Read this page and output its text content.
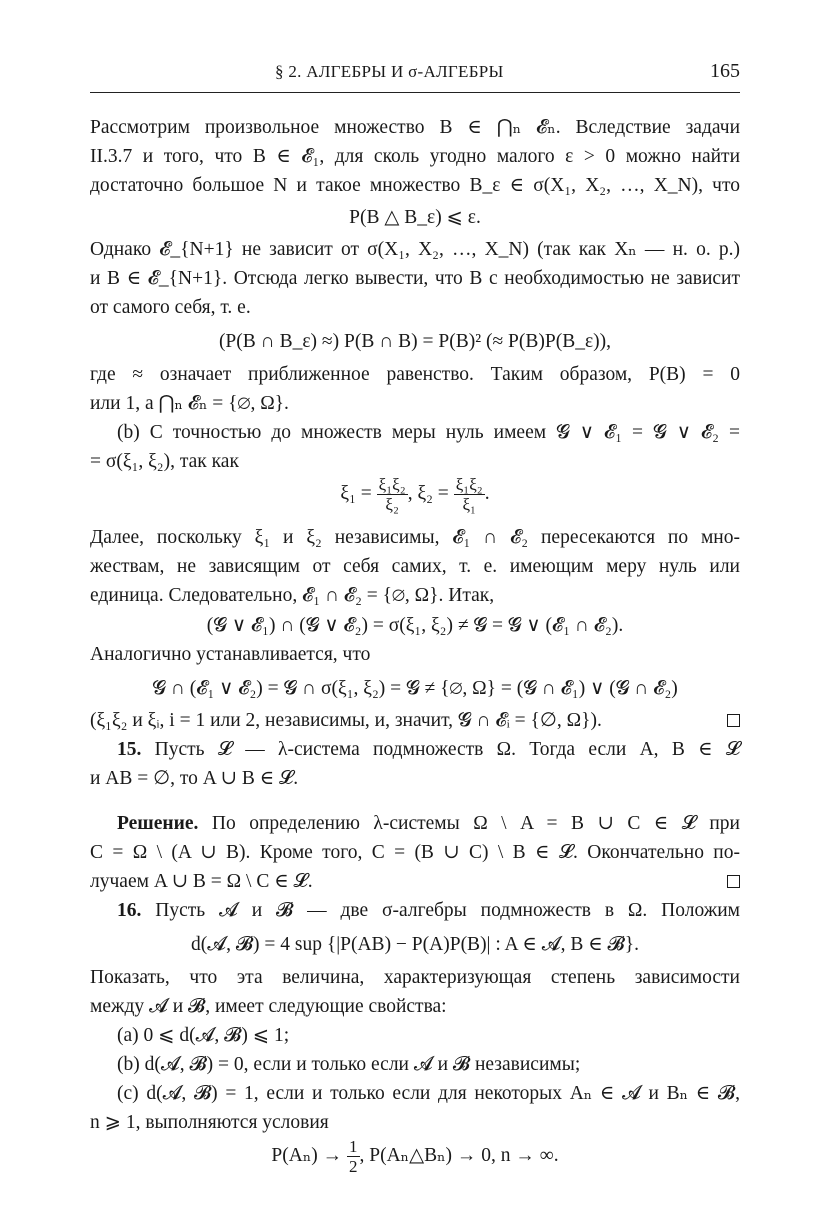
§ 2. АЛГЕБРЫ И σ-АЛГЕБРЫ	165
Рассмотрим произвольное множество B ∈ ⋂ₙ 𝓔ₙ. Вследствие задачи
II.3.7 и того, что B ∈ 𝓔₁, для сколь угодно малого ε > 0 можно найти
достаточно большое N и такое множество B_ε ∈ σ(X₁, X₂, …, X_N), что
P(B △ B_ε) ⩽ ε.
Однако 𝓔_{N+1} не зависит от σ(X₁, X₂, …, X_N) (так как Xₙ — н. о. р.)
и B ∈ 𝓔_{N+1}. Отсюда легко вывести, что B с необходимостью не зависит
от самого себя, т. е.
(P(B ∩ B_ε) ≈) P(B ∩ B) = P(B)² (≈ P(B)P(B_ε)),
где ≈ означает приближенное равенство. Таким образом, P(B) = 0
или 1, а ⋂ₙ 𝓔ₙ = {∅, Ω}.
(b) С точностью до множеств меры нуль имеем 𝓖 ∨ 𝓔₁ = 𝓖 ∨ 𝓔₂ =
= σ(ξ₁, ξ₂), так как
$\xi_1 = \frac{\text{ξ₁ξ₂}}{\text{ξ₂}}$ , $\xi_2 = \frac{\text{ξ₁ξ₂}}{\text{ξ₁}}$ .
Далее, поскольку ξ₁ и ξ₂ независимы, 𝓔₁ ∩ 𝓔₂ пересекаются по мно-
жествам, не зависящим от себя самих, т. е. имеющим меру нуль или
единица. Следовательно, 𝓔₁ ∩ 𝓔₂ = {∅, Ω}. Итак,
(𝓖 ∨ 𝓔₁) ∩ (𝓖 ∨ 𝓔₂) = σ(ξ₁, ξ₂) ≠ 𝓖 = 𝓖 ∨ (𝓔₁ ∩ 𝓔₂).
Аналогично устанавливается, что
𝓖 ∩ (𝓔₁ ∨ 𝓔₂) = 𝓖 ∩ σ(ξ₁, ξ₂) = 𝓖 ≠ {∅, Ω} = (𝓖 ∩ 𝓔₁) ∨ (𝓖 ∩ 𝓔₂)
(ξ₁ξ₂ и ξᵢ, i = 1 или 2, независимы, и, значит, 𝓖 ∩ 𝓔ᵢ = {∅, Ω}).
15. Пусть 𝓛 — λ-система подмножеств Ω. Тогда если A, B ∈ 𝓛
и AB = ∅, то A ∪ B ∈ 𝓛.
Решение. По определению λ-системы Ω \ A = B ∪ C ∈ 𝓛 при
C = Ω \ (A ∪ B). Кроме того, C = (B ∪ C) \ B ∈ 𝓛. Окончательно по-
лучаем A ∪ B = Ω \ C ∈ 𝓛.
16. Пусть 𝓐 и 𝓑 — две σ-алгебры подмножеств в Ω. Положим
d(𝓐, 𝓑) = 4 sup {|P(AB) − P(A)P(B)| : A ∈ 𝓐, B ∈ 𝓑}.
Показать, что эта величина, характеризующая степень зависимости
между 𝓐 и 𝓑, имеет следующие свойства:
(a) 0 ⩽ d(𝓐, 𝓑) ⩽ 1;
(b) d(𝓐, 𝓑) = 0, если и только если 𝓐 и 𝓑 независимы;
(c) d(𝓐, 𝓑) = 1, если и только если для некоторых Aₙ ∈ 𝓐 и Bₙ ∈ 𝓑,
n ⩾ 1, выполняются условия
$P(A_n) \to \frac{1}{2}$ , P(Aₙ△Bₙ) → 0, n → ∞.
